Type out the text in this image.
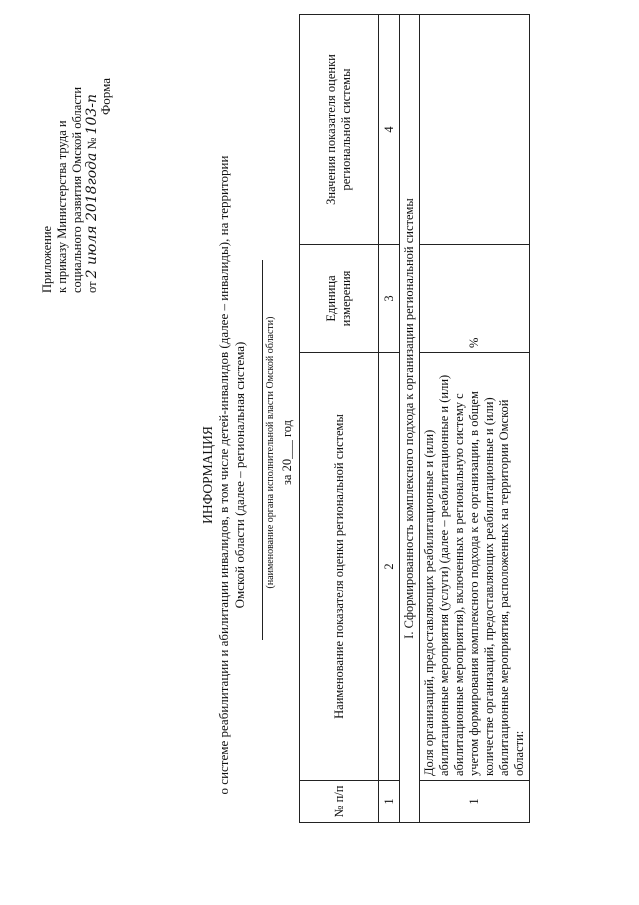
Приложение к приказу Министерства труда и социального развития Омской области от 2 июля 2018года № 103-п
Форма
ИНФОРМАЦИЯ о системе реабилитации и абилитации инвалидов, в том числе детей-инвалидов (далее – инвалиды), на территории Омской области (далее – региональная система) (наименование органа исполнительной власти Омской области) за 20___ год
№ п/п	Наименование показателя оценки региональной системы	Единица измерения	Значения показателя оценки региональной системы
1	2	3	4
I. Сформированность комплексного подхода к организации региональной системы			
1	Доля организаций, предоставляющих реабилитационные и (или) абилитационные мероприятия (услуги) (далее – реабилитационные и (или) абилитационные мероприятия), включенных в региональную систему с учетом формирования комплексного подхода к ее организации, в общем количестве организаций, предоставляющих реабилитационные и (или) абилитационные мероприятия, расположенных на территории Омской области:	%	
